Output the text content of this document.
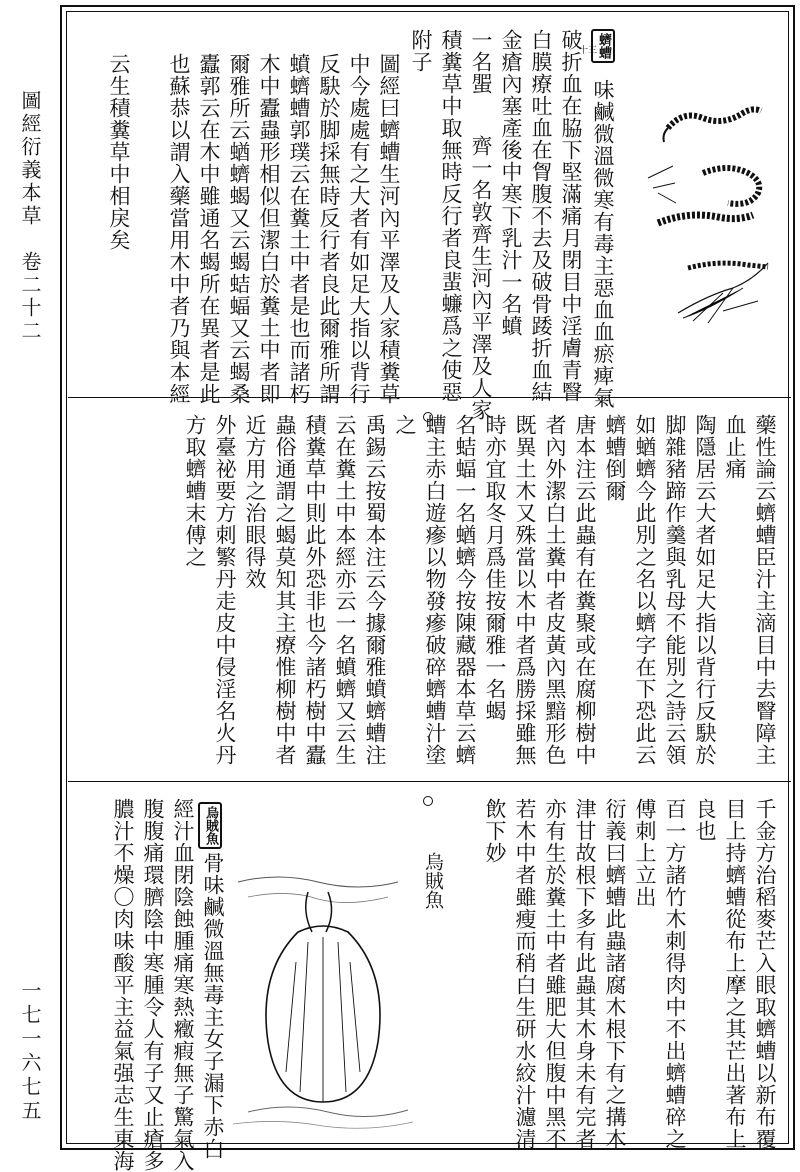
圖經衍義本草　卷二十二
一七一六七五
蠐螬
味鹹微溫微寒有毒主惡血血瘀痺氣
破折血在脇下堅滿痛月閉目中淫膚青瞖
白膜療吐血在胷腹不去及破骨踒折血結
金瘡內塞產後中寒下乳汁一名蟦
一名蜰
齊一名敦齊生河內平澤及人家
積糞草中取無時反行者良蜚蠊爲之使惡
附子
圖經曰蠐螬生河內平澤及人家積糞草
中今處處有之大者有如足大指以背行
反駃於脚採無時反行者良此爾雅所謂
蟦蠐螬郭璞云在糞土中者是也而諸朽
木中蠹蟲形相似但潔白於糞土中者即
爾雅所云蝤蠐蝎又云蝎蛣蝠又云蝎桑
蠹郭云在木中雖通名蝎所在異者是此
也蘇恭以謂入藥當用木中者乃與本經
云生積糞草中相戾矣
十三
藥性論云蠐螬臣汁主滴目中去瞖障主
血止痛
陶隱居云大者如足大指以背行反駃於
脚雜豬蹄作羹與乳母不能別之詩云領
如蝤蠐今此別之名以蠐字在下恐此云
蠐螬倒爾
唐本注云此蟲有在糞聚或在腐柳樹中
者內外潔白土糞中者皮黃內黑黯形色
既異土木又殊當以木中者爲勝採雖無
時亦宜取冬月爲佳按爾雅一名蝎
名蛣蝠一名蝤蠐今按陳藏器本草云蠐
螬主赤白遊瘮以物發瘮破碎蠐螬汁塗
之
禹錫云按蜀本注云今據爾雅蟦蠐螬注
云在糞土中本經亦云一名蟦蠐又云生
積糞草中則此外恐非也今諸朽樹中蠹
蟲俗通謂之蝎莫知其主療惟柳樹中者
近方用之治眼得效
外臺祕要方刺繁丹走皮中侵淫名火丹
方取蠐螬末傅之
千金方治稻麥芒入眼取蠐螬以新布覆
目上持蠐螬從布上摩之其芒出著布上
良也
百一方諸竹木刺得肉中不出蠐螬碎之
傅刺上立出
衍義曰蠐螬此蟲諸腐木根下有之搆木
津甘故根下多有此蟲其木身未有完者
亦有生於糞土中者雖肥大但腹中黑不
若木中者雖瘦而稍白生研水絞汁濾清
飲下妙
烏賊魚
烏賊魚
骨味鹹微溫無毒主女子漏下赤白
經汁血閉陰蝕腫痛寒熱癥瘕無子驚氣入
腹腹痛環臍陰中寒腫令人有子又止瘡多
膿汁不燥〇肉味酸平主益氣强志生東海
